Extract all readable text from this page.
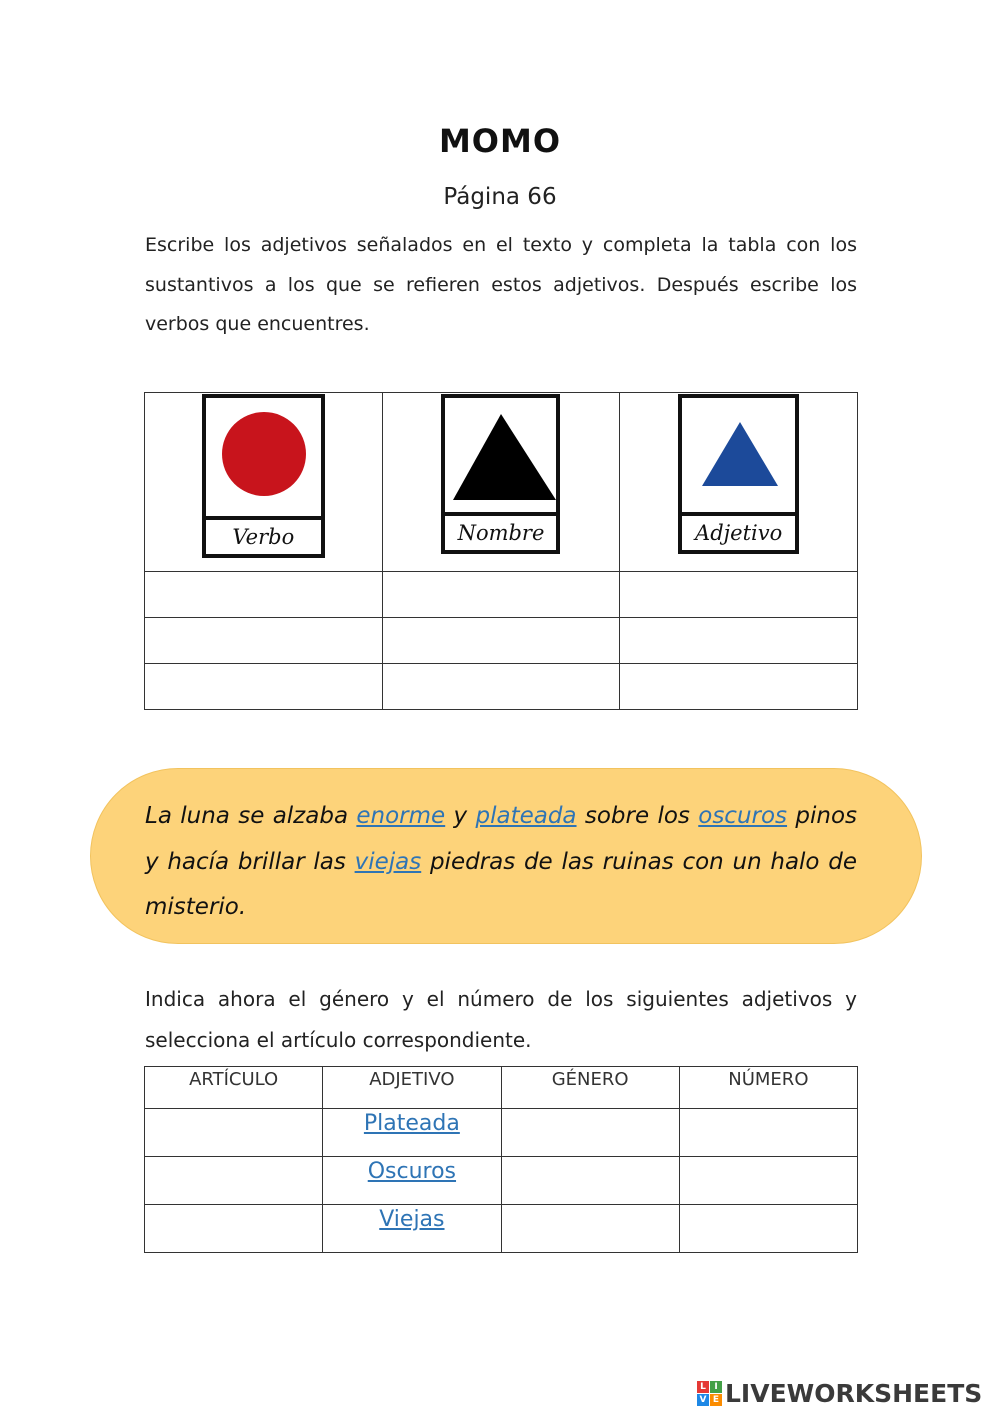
MOMO
Página 66
Escribe los adjetivos señalados en el texto y completa la tabla con los sustantivos a los que se refieren estos adjetivos. Después escribe los verbos que encuentres.
Verbo	Nombre	Adjetivo

La luna se alzaba enorme y plateada sobre los oscuros pinos y hacía brillar las viejas piedras de las ruinas con un halo de misterio.
Indica ahora el género y el número de los siguientes adjetivos y selecciona el artículo correspondiente.
ARTÍCULO	ADJETIVO	GÉNERO	NÚMERO
	Plateada		
	Oscuros		
	Viejas		
L I
V E LIVEWORKSHEETS
